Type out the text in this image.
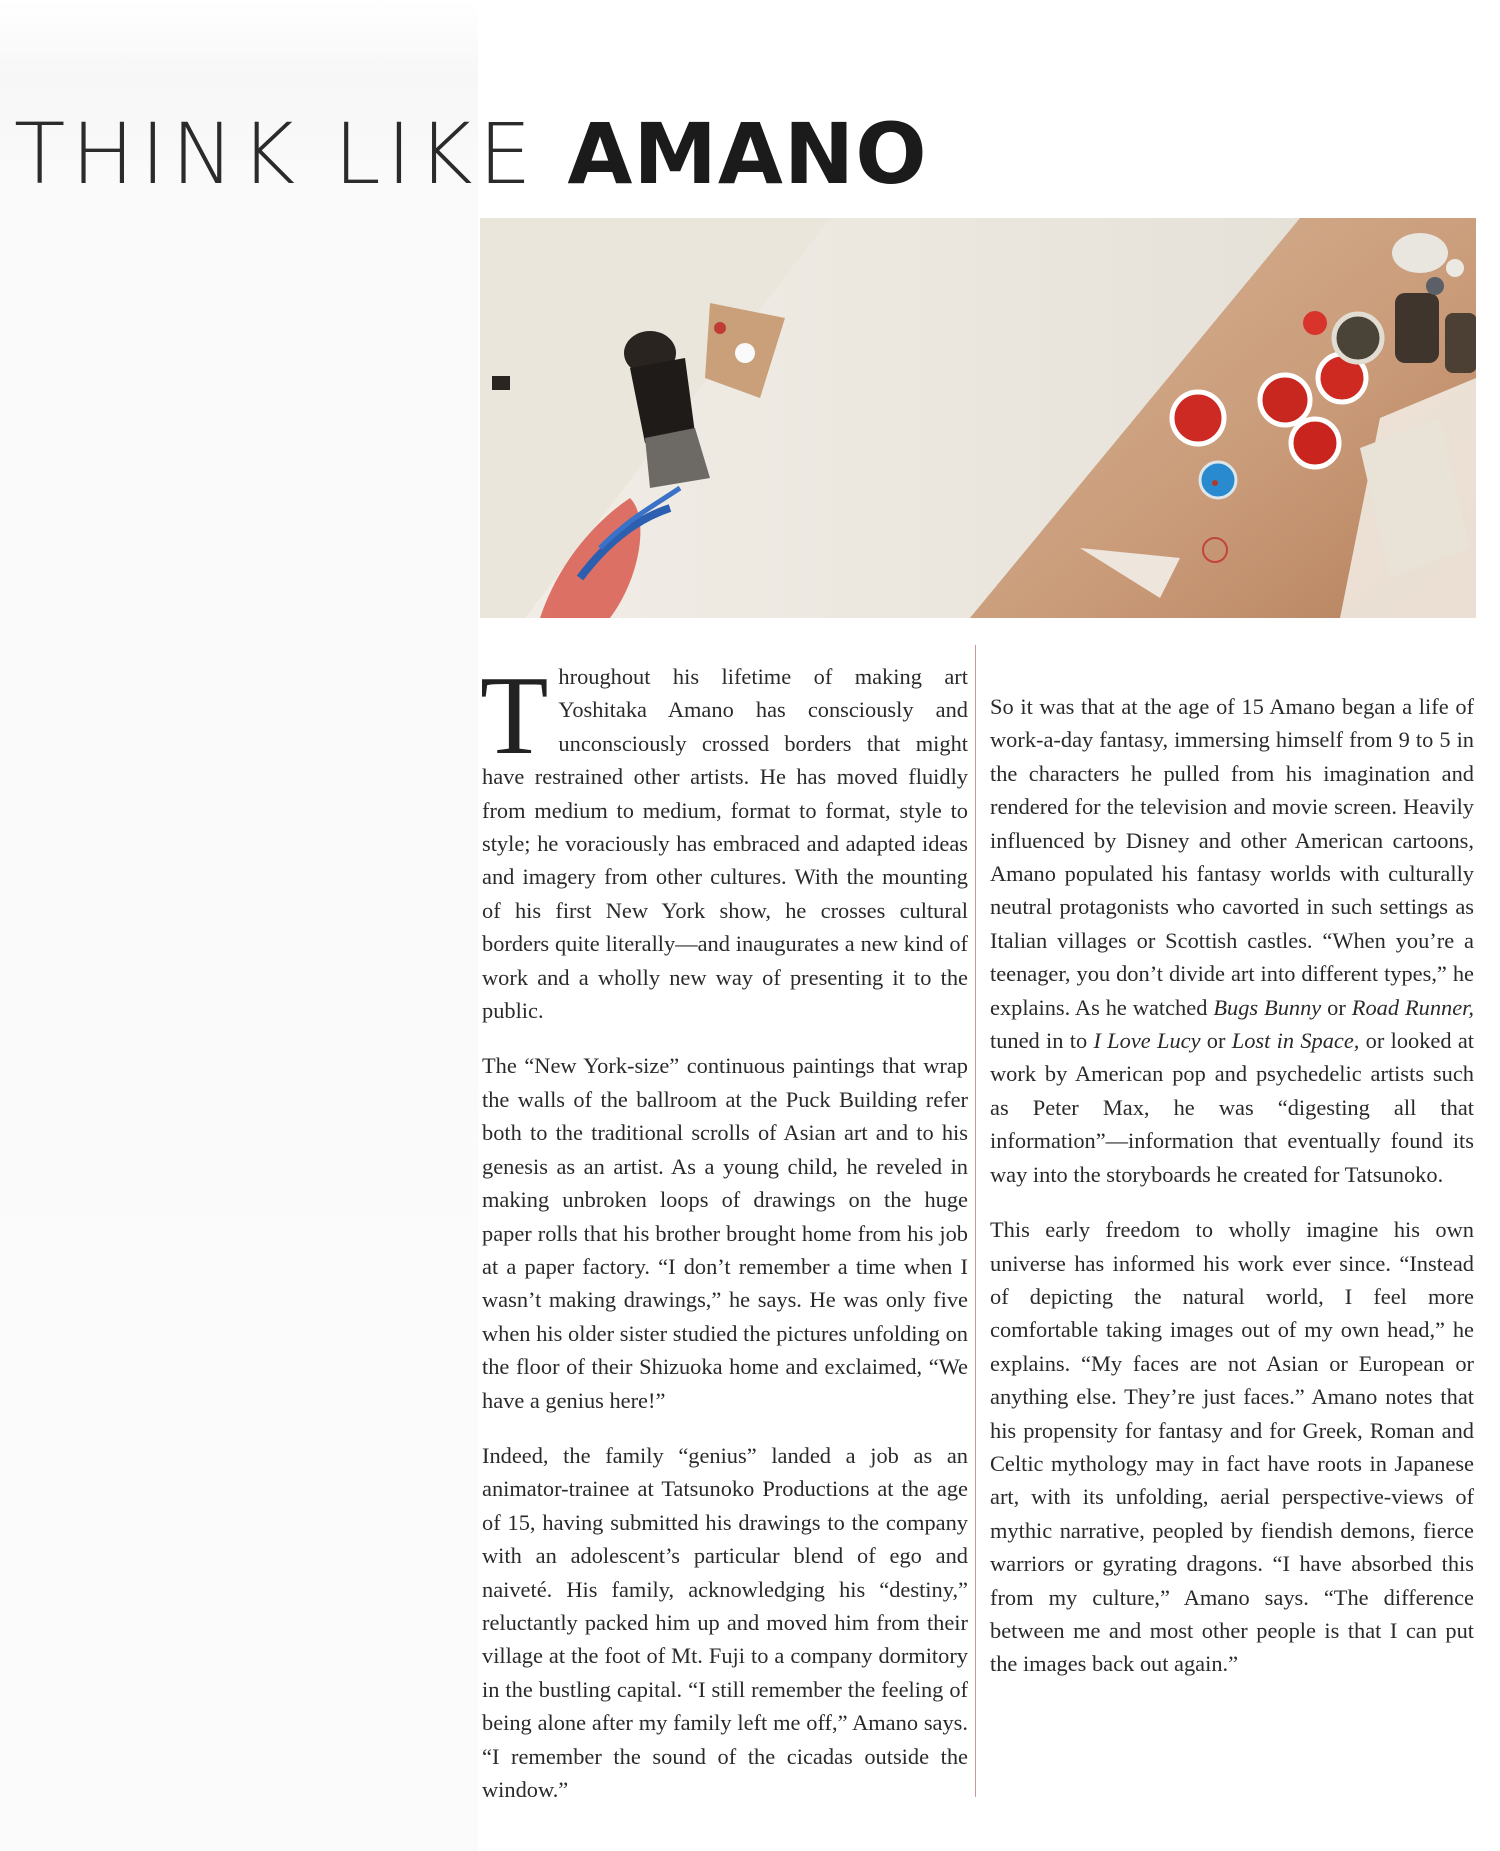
THINK LIKE AMANO

Throughout his lifetime of making art Yoshitaka Amano has consciously and unconsciously crossed borders that might have restrained other artists. He has moved fluidly from medium to medium, format to format, style to style; he voraciously has embraced and adapted ideas and imagery from other cultures. With the mounting of his first New York show, he crosses cultural borders quite literally—and inaugurates a new kind of work and a wholly new way of presenting it to the public.

The “New York-size” continuous paintings that wrap the walls of the ballroom at the Puck Building refer both to the traditional scrolls of Asian art and to his genesis as an artist. As a young child, he reveled in making unbroken loops of drawings on the huge paper rolls that his brother brought home from his job at a paper factory. “I don’t remember a time when I wasn’t making drawings,” he says. He was only five when his older sister studied the pictures unfolding on the floor of their Shizuoka home and exclaimed, “We have a genius here!”

Indeed, the family “genius” landed a job as an animator-trainee at Tatsunoko Productions at the age of 15, having submitted his drawings to the company with an adolescent’s particular blend of ego and naiveté. His family, acknowledging his “destiny,” reluctantly packed him up and moved him from their village at the foot of Mt. Fuji to a company dormitory in the bustling capital. “I still remember the feeling of being alone after my family left me off,” Amano says. “I remember the sound of the cicadas outside the window.”

So it was that at the age of 15 Amano began a life of work-a-day fantasy, immersing himself from 9 to 5 in the characters he pulled from his imagination and rendered for the television and movie screen. Heavily influenced by Disney and other American cartoons, Amano populated his fantasy worlds with culturally neutral protagonists who cavorted in such settings as Italian villages or Scottish castles. “When you’re a teenager, you don’t divide art into different types,” he explains. As he watched Bugs Bunny or Road Runner, tuned in to I Love Lucy or Lost in Space, or looked at work by American pop and psychedelic artists such as Peter Max, he was “digesting all that information”—information that eventually found its way into the storyboards he created for Tatsunoko.

This early freedom to wholly imagine his own universe has informed his work ever since. “Instead of depicting the natural world, I feel more comfortable taking images out of my own head,” he explains. “My faces are not Asian or European or anything else. They’re just faces.” Amano notes that his propensity for fantasy and for Greek, Roman and Celtic mythology may in fact have roots in Japanese art, with its unfolding, aerial perspective-views of mythic narrative, peopled by fiendish demons, fierce warriors or gyrating dragons. “I have absorbed this from my culture,” Amano says. “The difference between me and most other people is that I can put the images back out again.”
